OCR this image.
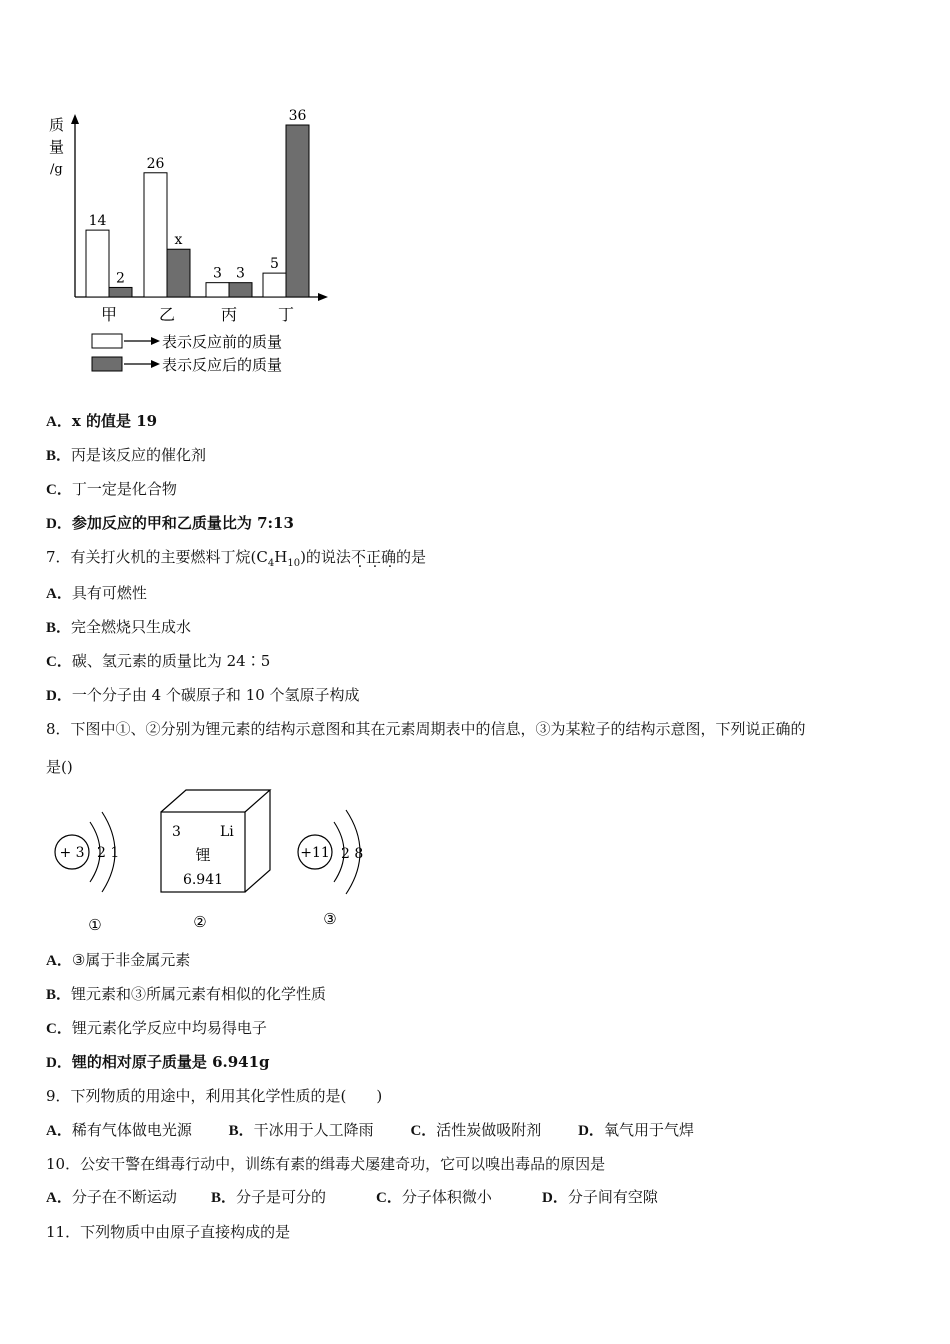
质
量
/g
14
2
甲
26
x
乙
3 3
丙
5
36
丁
表示反应前的质量
表示反应后的质量
A．x 的值是 19
B．丙是该反应的催化剂
C．丁一定是化合物
D．参加反应的甲和乙质量比为 7:13
7．有关打火机的主要燃料丁烷$(C_4H_{10})$的说法不正确的是
A．具有可燃性
B．完全燃烧只生成水
C．碳、氢元素的质量比为 24∶5
D．一个分子由 4 个碳原子和 10 个氢原子构成
8．下图中①、②分别为锂元素的结构示意图和其在元素周期表中的信息，③为某粒子的结构示意图，下列说正确的
是()
+ 3 2 1
①
3	Li
锂
6.941
②
+11 2 8
③
A．③属于非金属元素
B．锂元素和③所属元素有相似的化学性质
C．锂元素化学反应中均易得电子
D．锂的相对原子质量是 6.941g
9．下列物质的用途中，利用其化学性质的是(　　)
A．稀有气体做电光源 B．干冰用于人工降雨 C．活性炭做吸附剂 D．氧气用于气焊
10．公安干警在缉毒行动中，训练有素的缉毒犬屡建奇功，它可以嗅出毒品的原因是
A．分子在不断运动 B．分子是可分的	C．分子体积微小	D．分子间有空隙
11．下列物质中由原子直接构成的是
